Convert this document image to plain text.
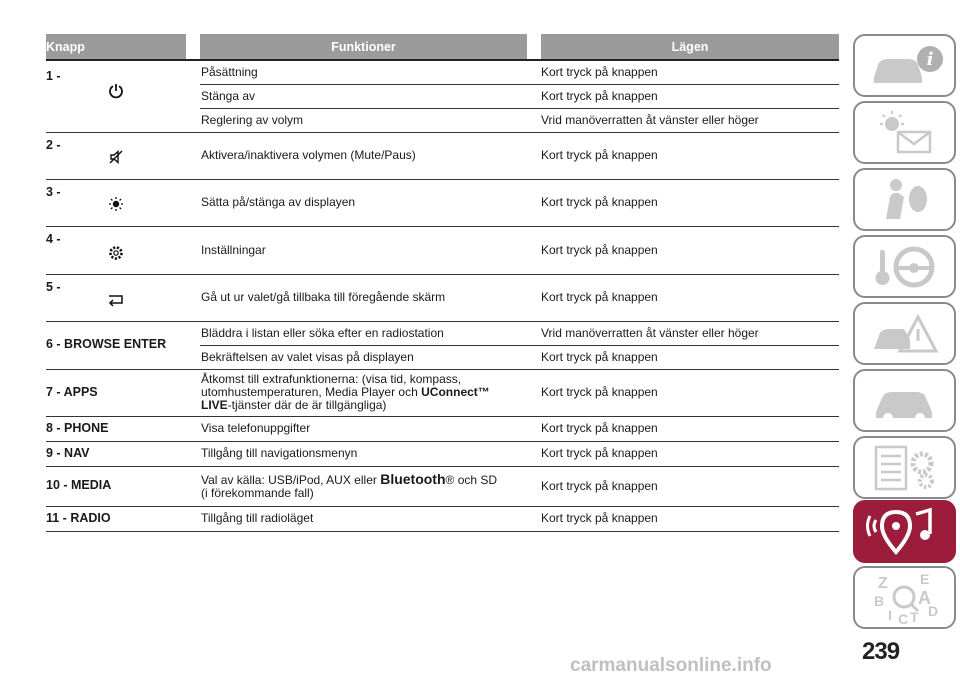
Knapp		Funktioner		Lägen
1 -		Påsättning		Kort tryck på knappen
		Stänga av		Kort tryck på knappen
		Reglering av volym		Vrid manöverratten åt vänster eller höger
2 -		Aktivera/inaktivera volymen (Mute/Paus)		Kort tryck på knappen
3 -		Sätta på/stänga av displayen		Kort tryck på knappen
4 -		Inställningar		Kort tryck på knappen
5 -		Gå ut ur valet/gå tillbaka till föregående skärm		Kort tryck på knappen
6 - BROWSE ENTER		Bläddra i listan eller söka efter en radiostation		Vrid manöverratten åt vänster eller höger
		Bekräftelsen av valet visas på displayen		Kort tryck på knappen
7 - APPS		Åtkomst till extrafunktionerna: (visa tid, kompass,
utomhustemperaturen, Media Player och UConnect™
LIVE-tjänster där de är tillgängliga)		Kort tryck på knappen
8 - PHONE		Visa telefonuppgifter		Kort tryck på knappen
9 - NAV		Tillgång till navigationsmenyn		Kort tryck på knappen
10 - MEDIA		Val av källa: USB/iPod, AUX eller Bluetooth® och SD
(i förekommande fall)		Kort tryck på knappen
11 - RADIO		Tillgång till radioläget		Kort tryck på knappen
i
Z E
B A
I C T D
239
carmanualsonline.info
